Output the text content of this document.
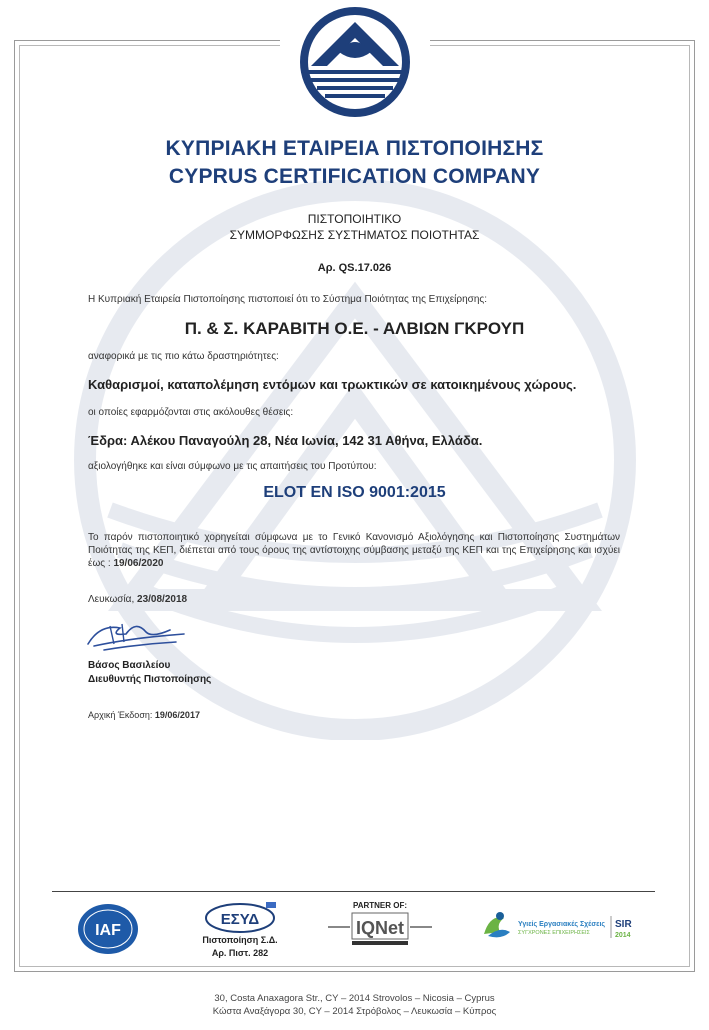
ΚΥΠΡΙΑΚΗ ΕΤΑΙΡΕΙΑ ΠΙΣΤΟΠΟΙΗΣΗΣ
CYPRUS CERTIFICATION COMPANY
ΠΙΣΤΟΠΟΙΗΤΙΚΟ
ΣΥΜΜΟΡΦΩΣΗΣ ΣΥΣΤΗΜΑΤΟΣ ΠΟΙΟΤΗΤΑΣ
Αρ. QS.17.026
Η Κυπριακή Εταιρεία Πιστοποίησης πιστοποιεί ότι το Σύστημα Ποιότητας της Επιχείρησης:
Π. & Σ. ΚΑΡΑΒΙΤΗ Ο.Ε. - ΑΛΒΙΩΝ ΓΚΡΟΥΠ
αναφορικά με τις πιο κάτω δραστηριότητες:
Καθαρισμοί, καταπολέμηση εντόμων και τρωκτικών σε κατοικημένους χώρους.
οι οποίες εφαρμόζονται στις ακόλουθες θέσεις:
Έδρα: Αλέκου Παναγούλη 28, Νέα Ιωνία, 142 31 Αθήνα, Ελλάδα.
αξιολογήθηκε και είναι σύμφωνο με τις απαιτήσεις του Προτύπου:
ELOT EN ISO 9001:2015
Το παρόν πιστοποιητικό χορηγείται σύμφωνα με το Γενικό Κανονισμό Αξιολόγησης και Πιστοποίησης Συστημάτων Ποιότητας της ΚΕΠ, διέπεται από τους όρους της αντίστοιχης σύμβασης μεταξύ της ΚΕΠ και της Επιχείρησης και ισχύει έως : 19/06/2020
Λευκωσία, 23/08/2018
Βάσος Βασιλείου
Διευθυντής Πιστοποίησης
Αρχική Έκδοση: 19/06/2017
IAF
ΕΣΥΔ
Πιστοποίηση Σ.Δ.
Αρ. Πιστ. 282
PARTNER OF:
IQNet	Υγιείς Εργασιακές Σχέσεις
ΣΥΓΧΡΟΝΕΣ ΕΠΙΧΕΙΡΗΣΕΙΣ
SIR
2014
30, Costa Anaxagora Str., CY – 2014 Strovolos – Nicosia – Cyprus
Κώστα Αναξάγορα 30, CY – 2014 Στρόβολος – Λευκωσία – Κύπρος
